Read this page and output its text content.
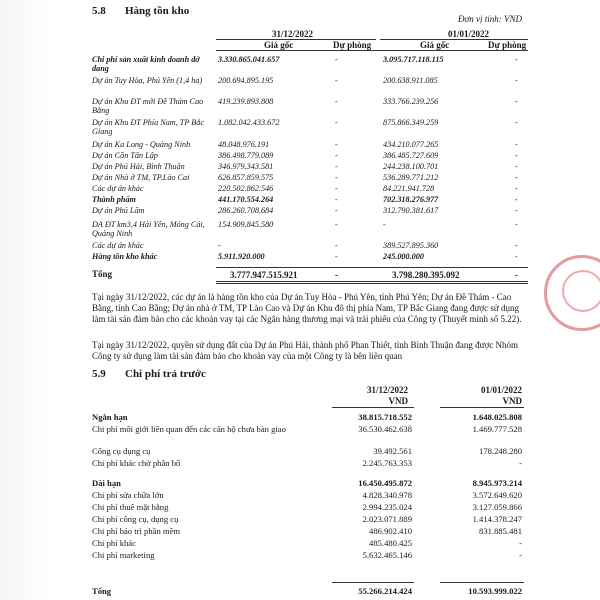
5.8 Hàng tồn kho
Đơn vị tính: VND
31/12/2022	01/01/2022
Giá gốc	Dự phòng	Giá gốc	Dự phòng
Chi phí sản xuất kinh doanh dở dang
3.330.865.041.657	-	3.095.717.118.115	-
Dự án Tuy Hòa, Phú Yên (1,4 ha)	200.694.895.195	-	200.638.911.085	-
Dự án Khu ĐT mới Đề Thám Cao Bằng
419.239.893.808	-	333.766.239.256	-
Dự án Khu ĐT Phía Nam, TP Bắc Giang
1.082.042.433.672	-	875.866.349.259	-
Dự án Ka Long - Quảng Ninh	48.048.976.191	-	434.210.077.265	-
Dự án Cồn Tân Lập	386.498.779.089	-	386.485.727.609	-
Dự án Phú Hải, Bình Thuận	346.979.343.581	-	244.238.100.701	-
Dự án Nhà ở TM, TP.Lào Cai	626.857.859.575	-	536.289.771.212	-
Các dự án khác	220.502.862.546	-	84.221.941.728	-
Thành phẩm	441.170.554.264	-	702.318.276.977	-
Dự án Phú Lãm	286.260.708.684	-	312.790.381.617	-
DA ĐT km3,4 Hải Yên, Móng Cái, Quảng Ninh
154.909.845.580	-	-	-
Các dự án khác	-	-	389.527.895.360	-
Hàng tồn kho khác	5.911.920.000	-	245.000.000	-
Tổng	3.777.947.515.921	-	3.798.280.395.092	-
Tại ngày 31/12/2022, các dự án là hàng tồn kho của Dự án Tuy Hòa - Phú Yên, tỉnh Phú Yên; Dự án Đề Thám - Cao Bằng, tỉnh Cao Bằng; Dự án nhà ở TM, TP Lào Cao và Dự án Khu đô thị phía Nam, TP Bắc Giang đang được sử dụng làm tài sản đảm bảo cho các khoản vay tại các Ngân hàng thương mại và trái phiếu của Công ty (Thuyết minh số 5.22).
Tại ngày 31/12/2022, quyền sử dụng đất của Dự án Phú Hải, thành phố Phan Thiết, tỉnh Bình Thuận đang được Nhóm Công ty sử dụng làm tài sản đảm bảo cho khoản vay của một Công ty là bên liên quan
5.9 Chi phí trả trước
31/12/2022	01/01/2022
VND	VND
Ngắn hạn	38.815.718.552	1.648.025.808
Chi phí môi giới liên quan đến các căn hộ chưa bàn giao	36.530.462.638	1.469.777.528
Công cụ dụng cụ	39.492.561	178.248.280
Chi phí khác chờ phân bổ	2.245.763.353	-
Dài hạn	16.450.495.872	8.945.973.214
Chi phí sửa chữa lớn	4.828.340.978	3.572.649.620
Chi phí thuê mặt bằng	2.994.235.024	3.127.059.866
Chi phí công cụ, dụng cụ	2.023.071.889	1.414.378.247
Chi phí bảo trì phần mềm	486.902.410	831.885.481
Chi phí khác	485.480.425	-
Chi phí marketing	5.632.465.146	-
Tổng	55.266.214.424	10.593.999.022
